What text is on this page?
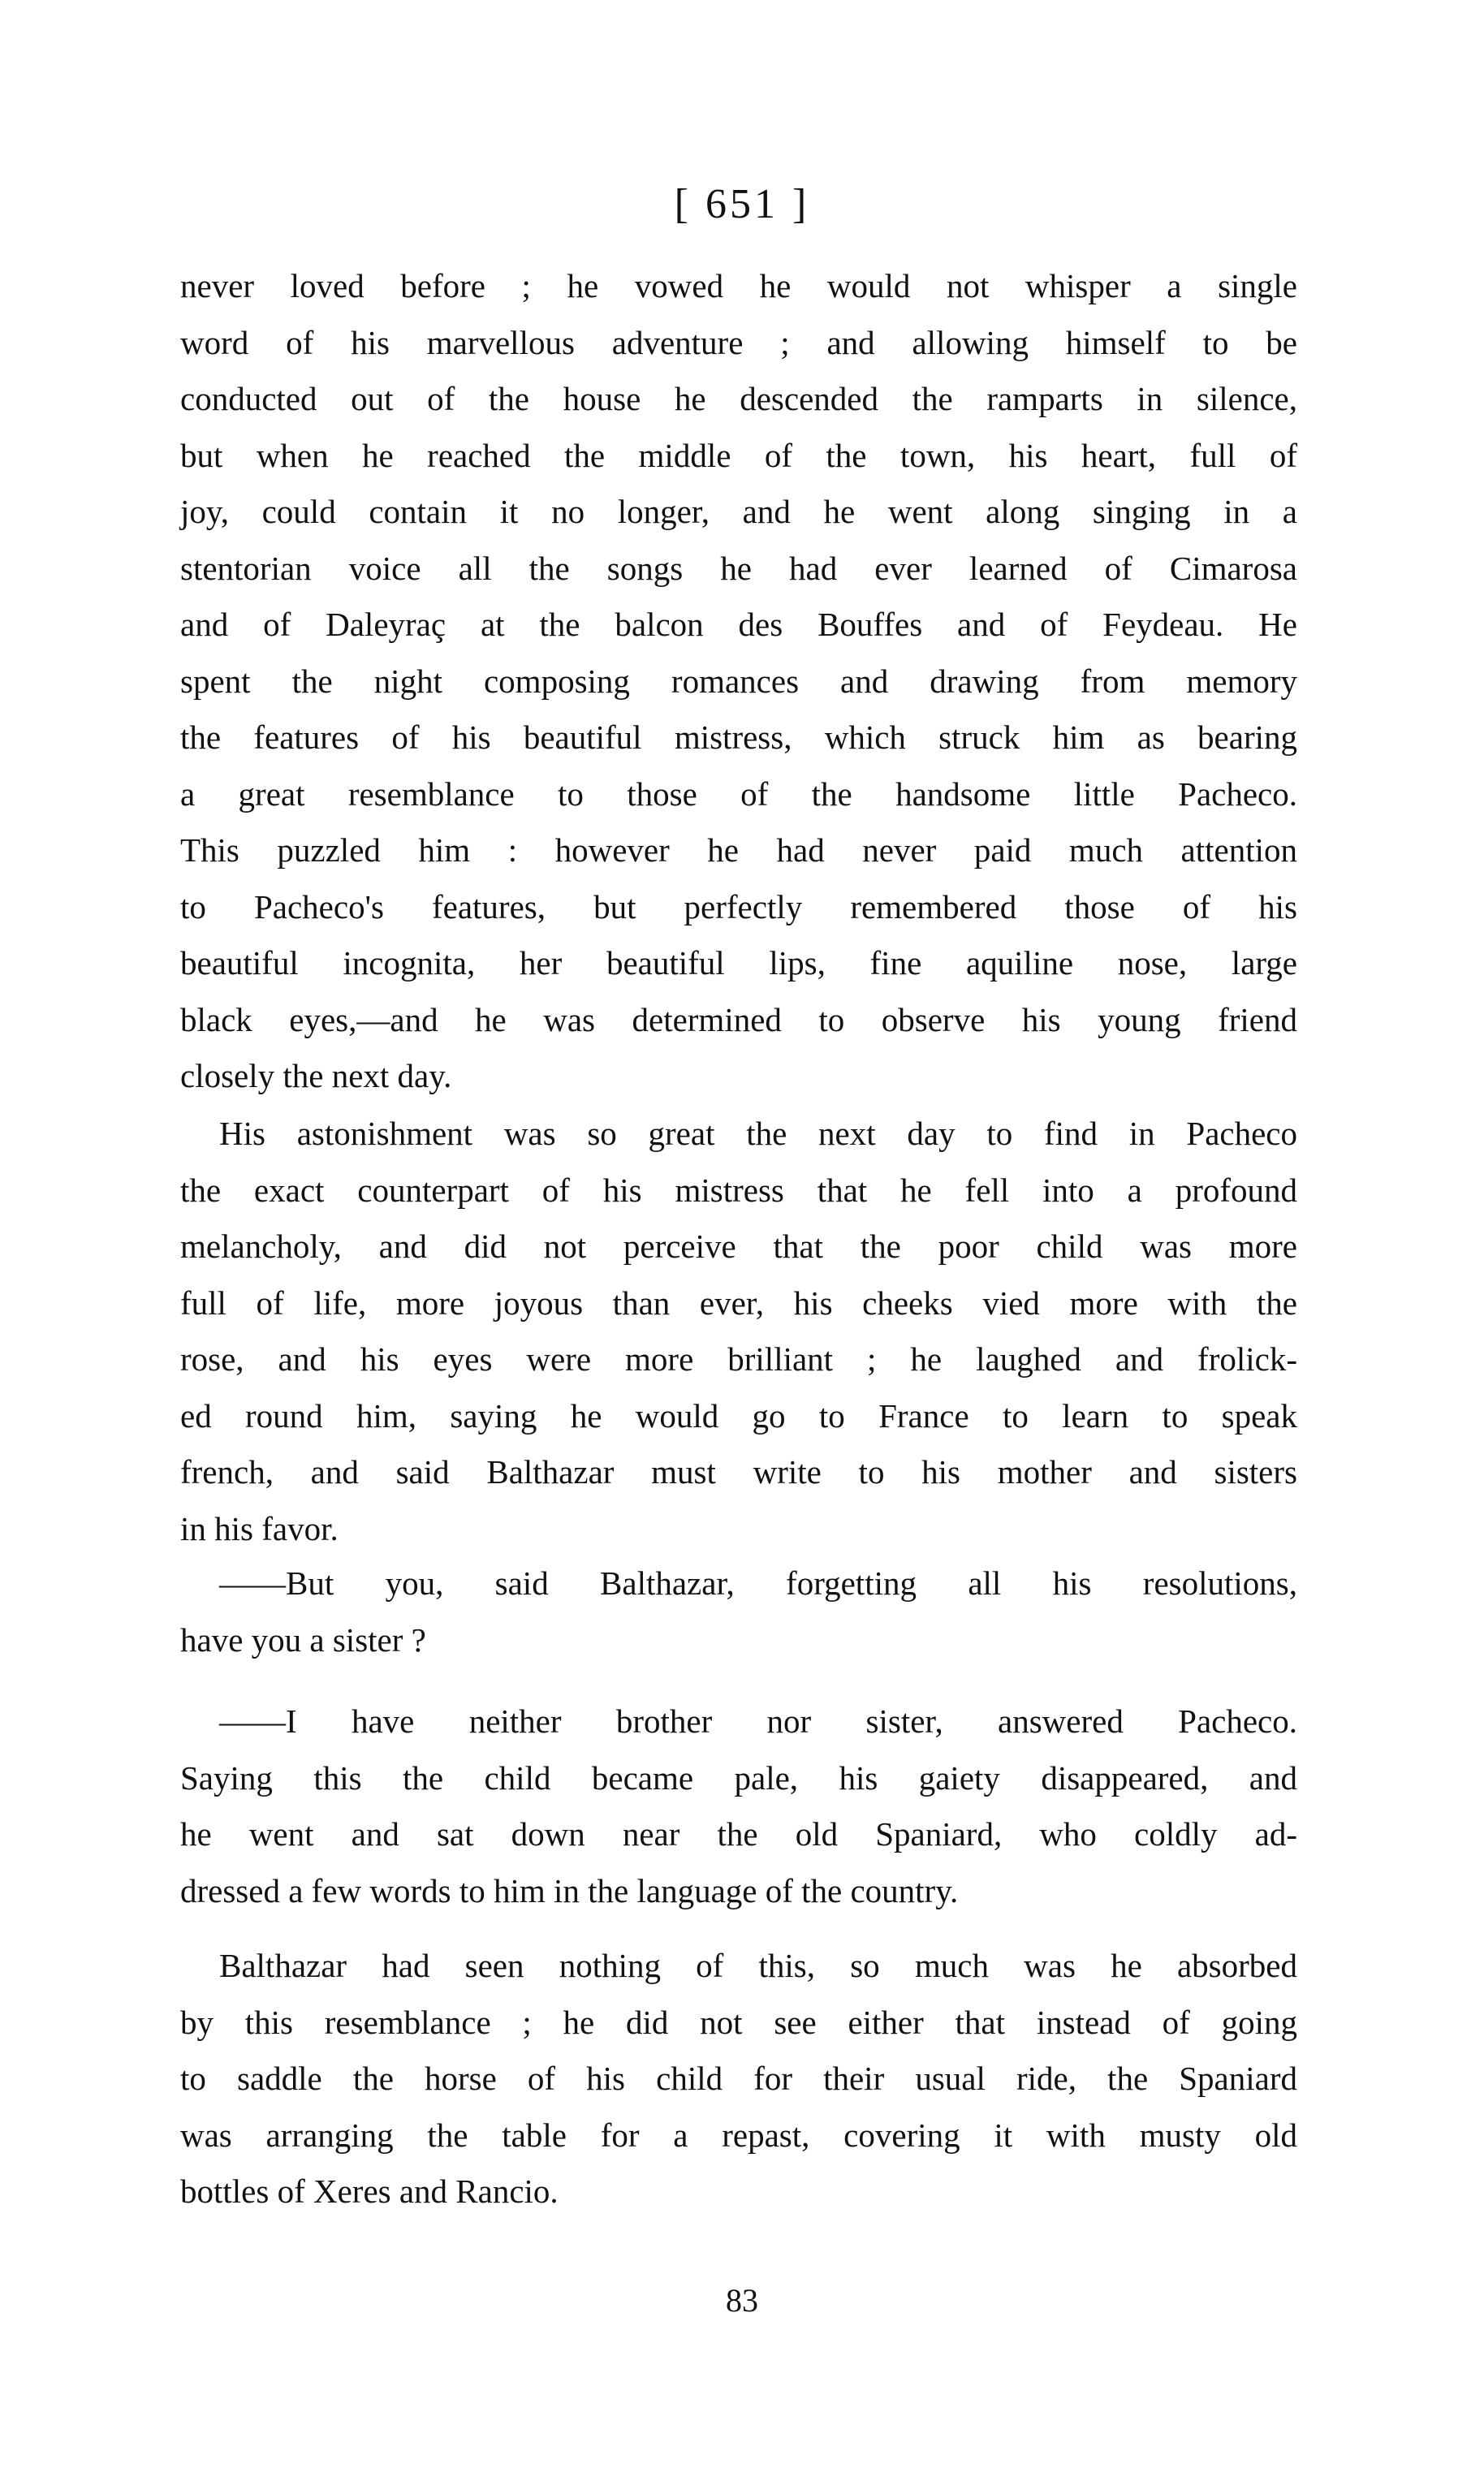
[ 651 ]
never loved before ; he vowed he would not whisper a single
word of his marvellous adventure ; and allowing himself to be
conducted out of the house he descended the ramparts in silence,
but when he reached the middle of the town, his heart, full of
joy, could contain it no longer, and he went along singing in a
stentorian voice all the songs he had ever learned of Cimarosa
and of Daleyraç at the balcon des Bouffes and of Feydeau. He
spent the night composing romances and drawing from memory
the features of his beautiful mistress, which struck him as bearing
a great resemblance to those of the handsome little Pacheco.
This puzzled him : however he had never paid much attention
to Pacheco's features, but perfectly remembered those of his
beautiful incognita, her beautiful lips, fine aquiline nose, large
black eyes,—and he was determined to observe his young friend
closely the next day.
His astonishment was so great the next day to find in Pacheco
the exact counterpart of his mistress that he fell into a profound
melancholy, and did not perceive that the poor child was more
full of life, more joyous than ever, his cheeks vied more with the
rose, and his eyes were more brilliant ; he laughed and frolick-
ed round him, saying he would go to France to learn to speak
french, and said Balthazar must write to his mother and sisters
in his favor.
——But you, said Balthazar, forgetting all his resolutions,
have you a sister ?
——I have neither brother nor sister, answered Pacheco.
Saying this the child became pale, his gaiety disappeared, and
he went and sat down near the old Spaniard, who coldly ad-
dressed a few words to him in the language of the country.
Balthazar had seen nothing of this, so much was he absorbed
by this resemblance ; he did not see either that instead of going
to saddle the horse of his child for their usual ride, the Spaniard
was arranging the table for a repast, covering it with musty old
bottles of Xeres and Rancio.
83
